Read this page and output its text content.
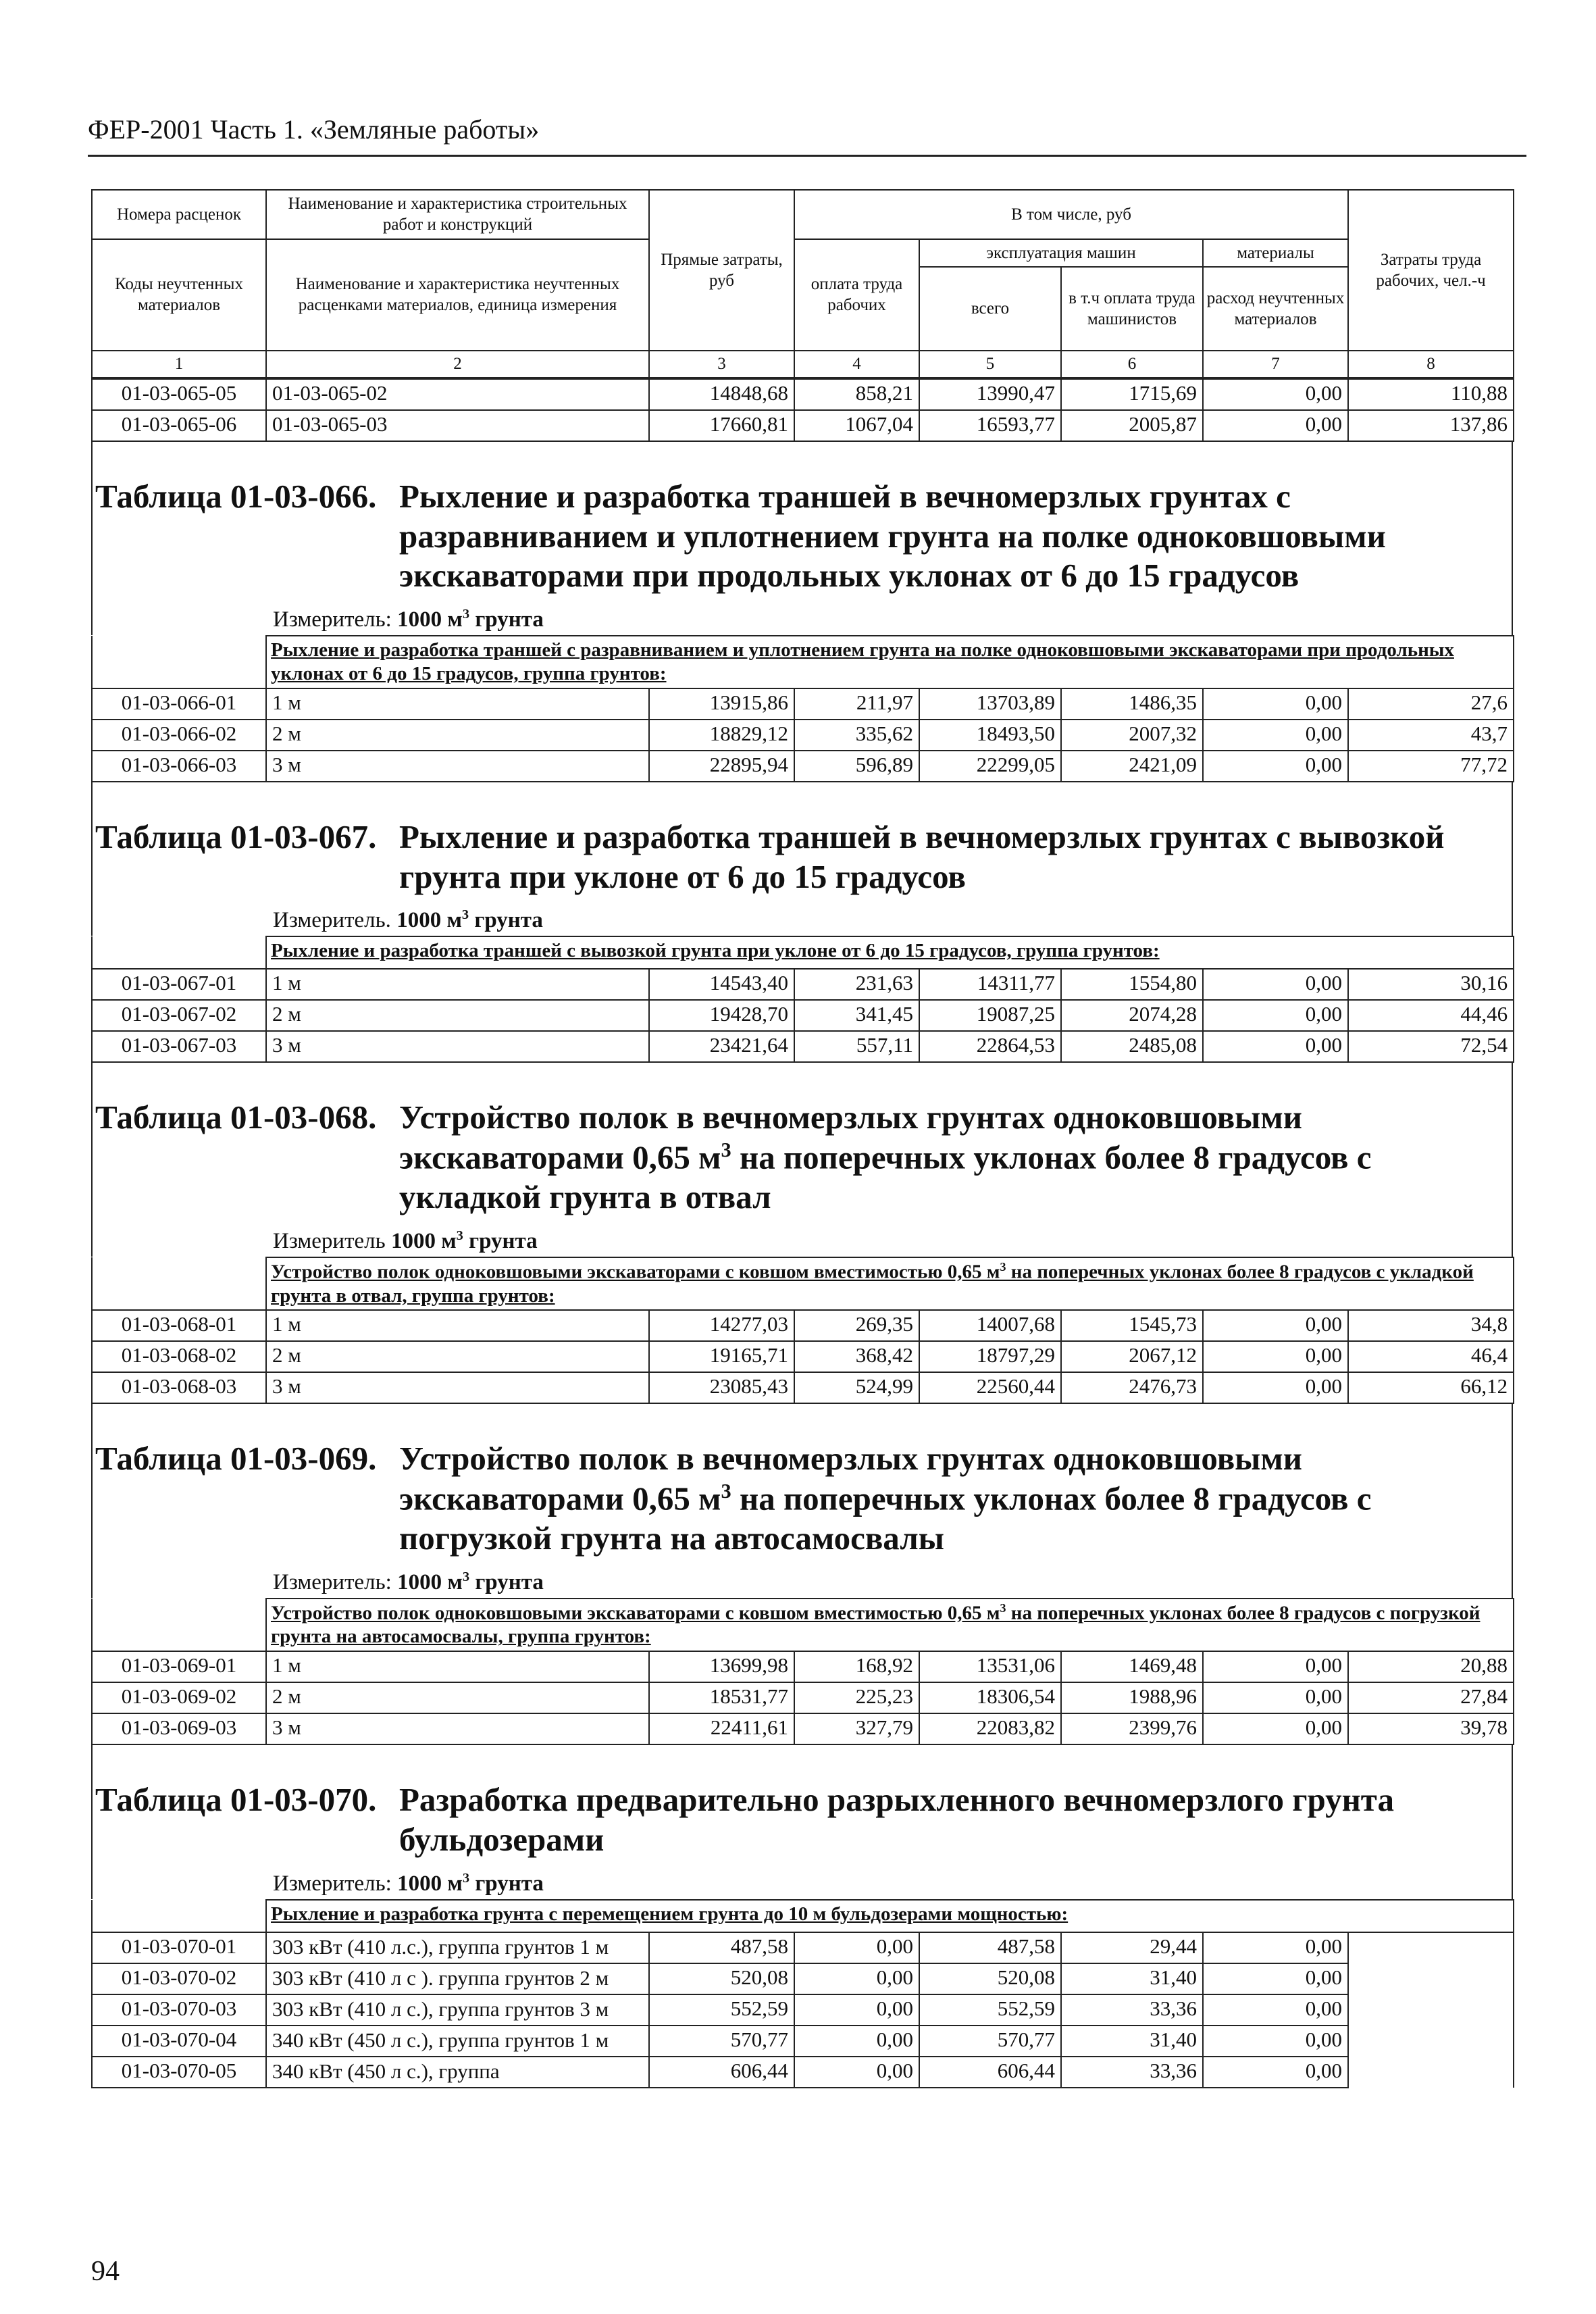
ФЕР-2001 Часть 1. «Земляные работы»
Номера расценок	Наименование и характеристика строительных работ и конструкций	Прямые затраты, руб	В том числе, руб				Затраты труда рабочих, чел.-ч
Коды неучтенных материалов	Наименование и характеристика неучтенных расценками материалов, единица измерения		оплата труда рабочих	эксплуатация машин		материалы	
				всего	в т.ч оплата труда машинистов	расход неучтенных материалов	
1	2	3	4	5	6	7	8
01-03-065-05	01-03-065-02	14848,68	858,21	13990,47	1715,69	0,00	110,88
01-03-065-06	01-03-065-03	17660,81	1067,04	16593,77	2005,87	0,00	137,86
Таблица 01-03-066. Рыхление и разработка траншей в вечномерзлых грунтах с разравниванием и уплотнением грунта на полке одноковшовыми экскаваторами при продольных уклонах от 6 до 15 градусов
Измеритель: 1000 $м^3$ грунта
	Рыхление и разработка траншей с разравниванием и уплотнением грунта на полке одноковшовыми экскаваторами при продольных уклонах от 6 до 15 градусов, группа грунтов:						
01-03-066-01	1 м	13915,86	211,97	13703,89	1486,35	0,00	27,6
01-03-066-02	2 м	18829,12	335,62	18493,50	2007,32	0,00	43,7
01-03-066-03	3 м	22895,94	596,89	22299,05	2421,09	0,00	77,72
Таблица 01-03-067. Рыхление и разработка траншей в вечномерзлых грунтах с вывозкой грунта при уклоне от 6 до 15 градусов
Измеритель. 1000 $м^3$ грунта
	Рыхление и разработка траншей с вывозкой грунта при уклоне от 6 до 15 градусов, группа грунтов:						
01-03-067-01	1 м	14543,40	231,63	14311,77	1554,80	0,00	30,16
01-03-067-02	2 м	19428,70	341,45	19087,25	2074,28	0,00	44,46
01-03-067-03	3 м	23421,64	557,11	22864,53	2485,08	0,00	72,54
Таблица 01-03-068. Устройство полок в вечномерзлых грунтах одноковшовыми экскаваторами 0,65 $м^3$ на поперечных уклонах более 8 градусов с укладкой грунта в отвал
Измеритель 1000 $м^3$ грунта
	Устройство полок одноковшовыми экскаваторами с ковшом вместимостью 0,65 $м^3$ на поперечных уклонах более 8 градусов с укладкой грунта в отвал, группа грунтов:						
01-03-068-01	1 м	14277,03	269,35	14007,68	1545,73	0,00	34,8
01-03-068-02	2 м	19165,71	368,42	18797,29	2067,12	0,00	46,4
01-03-068-03	3 м	23085,43	524,99	22560,44	2476,73	0,00	66,12
Таблица 01-03-069. Устройство полок в вечномерзлых грунтах одноковшовыми экскаваторами 0,65 $м^3$ на поперечных уклонах более 8 градусов с погрузкой грунта на автосамосвалы
Измеритель: 1000 $м^3$ грунта
	Устройство полок одноковшовыми экскаваторами с ковшом вместимостью 0,65 $м^3$ на поперечных уклонах более 8 градусов с погрузкой грунта на автосамосвалы, группа грунтов:						
01-03-069-01	1 м	13699,98	168,92	13531,06	1469,48	0,00	20,88
01-03-069-02	2 м	18531,77	225,23	18306,54	1988,96	0,00	27,84
01-03-069-03	3 м	22411,61	327,79	22083,82	2399,76	0,00	39,78
Таблица 01-03-070. Разработка предварительно разрыхленного вечномерзлого грунта бульдозерами
Измеритель: 1000 $м^3$ грунта
	Рыхление и разработка грунта с перемещением грунта до 10 м бульдозерами мощностью:						
01-03-070-01	303 кВт (410 л.с.), группа грунтов 1 м	487,58	0,00	487,58	29,44	0,00	
01-03-070-02	303 кВт (410 л с ). группа грунтов 2 м	520,08	0,00	520,08	31,40	0,00	
01-03-070-03	303 кВт (410 л с.), группа грунтов 3 м	552,59	0,00	552,59	33,36	0,00	
01-03-070-04	340 кВт (450 л с.), группа грунтов 1 м	570,77	0,00	570,77	31,40	0,00	
01-03-070-05	340 кВт (450 л с.), группа	606,44	0,00	606,44	33,36	0,00	
94
